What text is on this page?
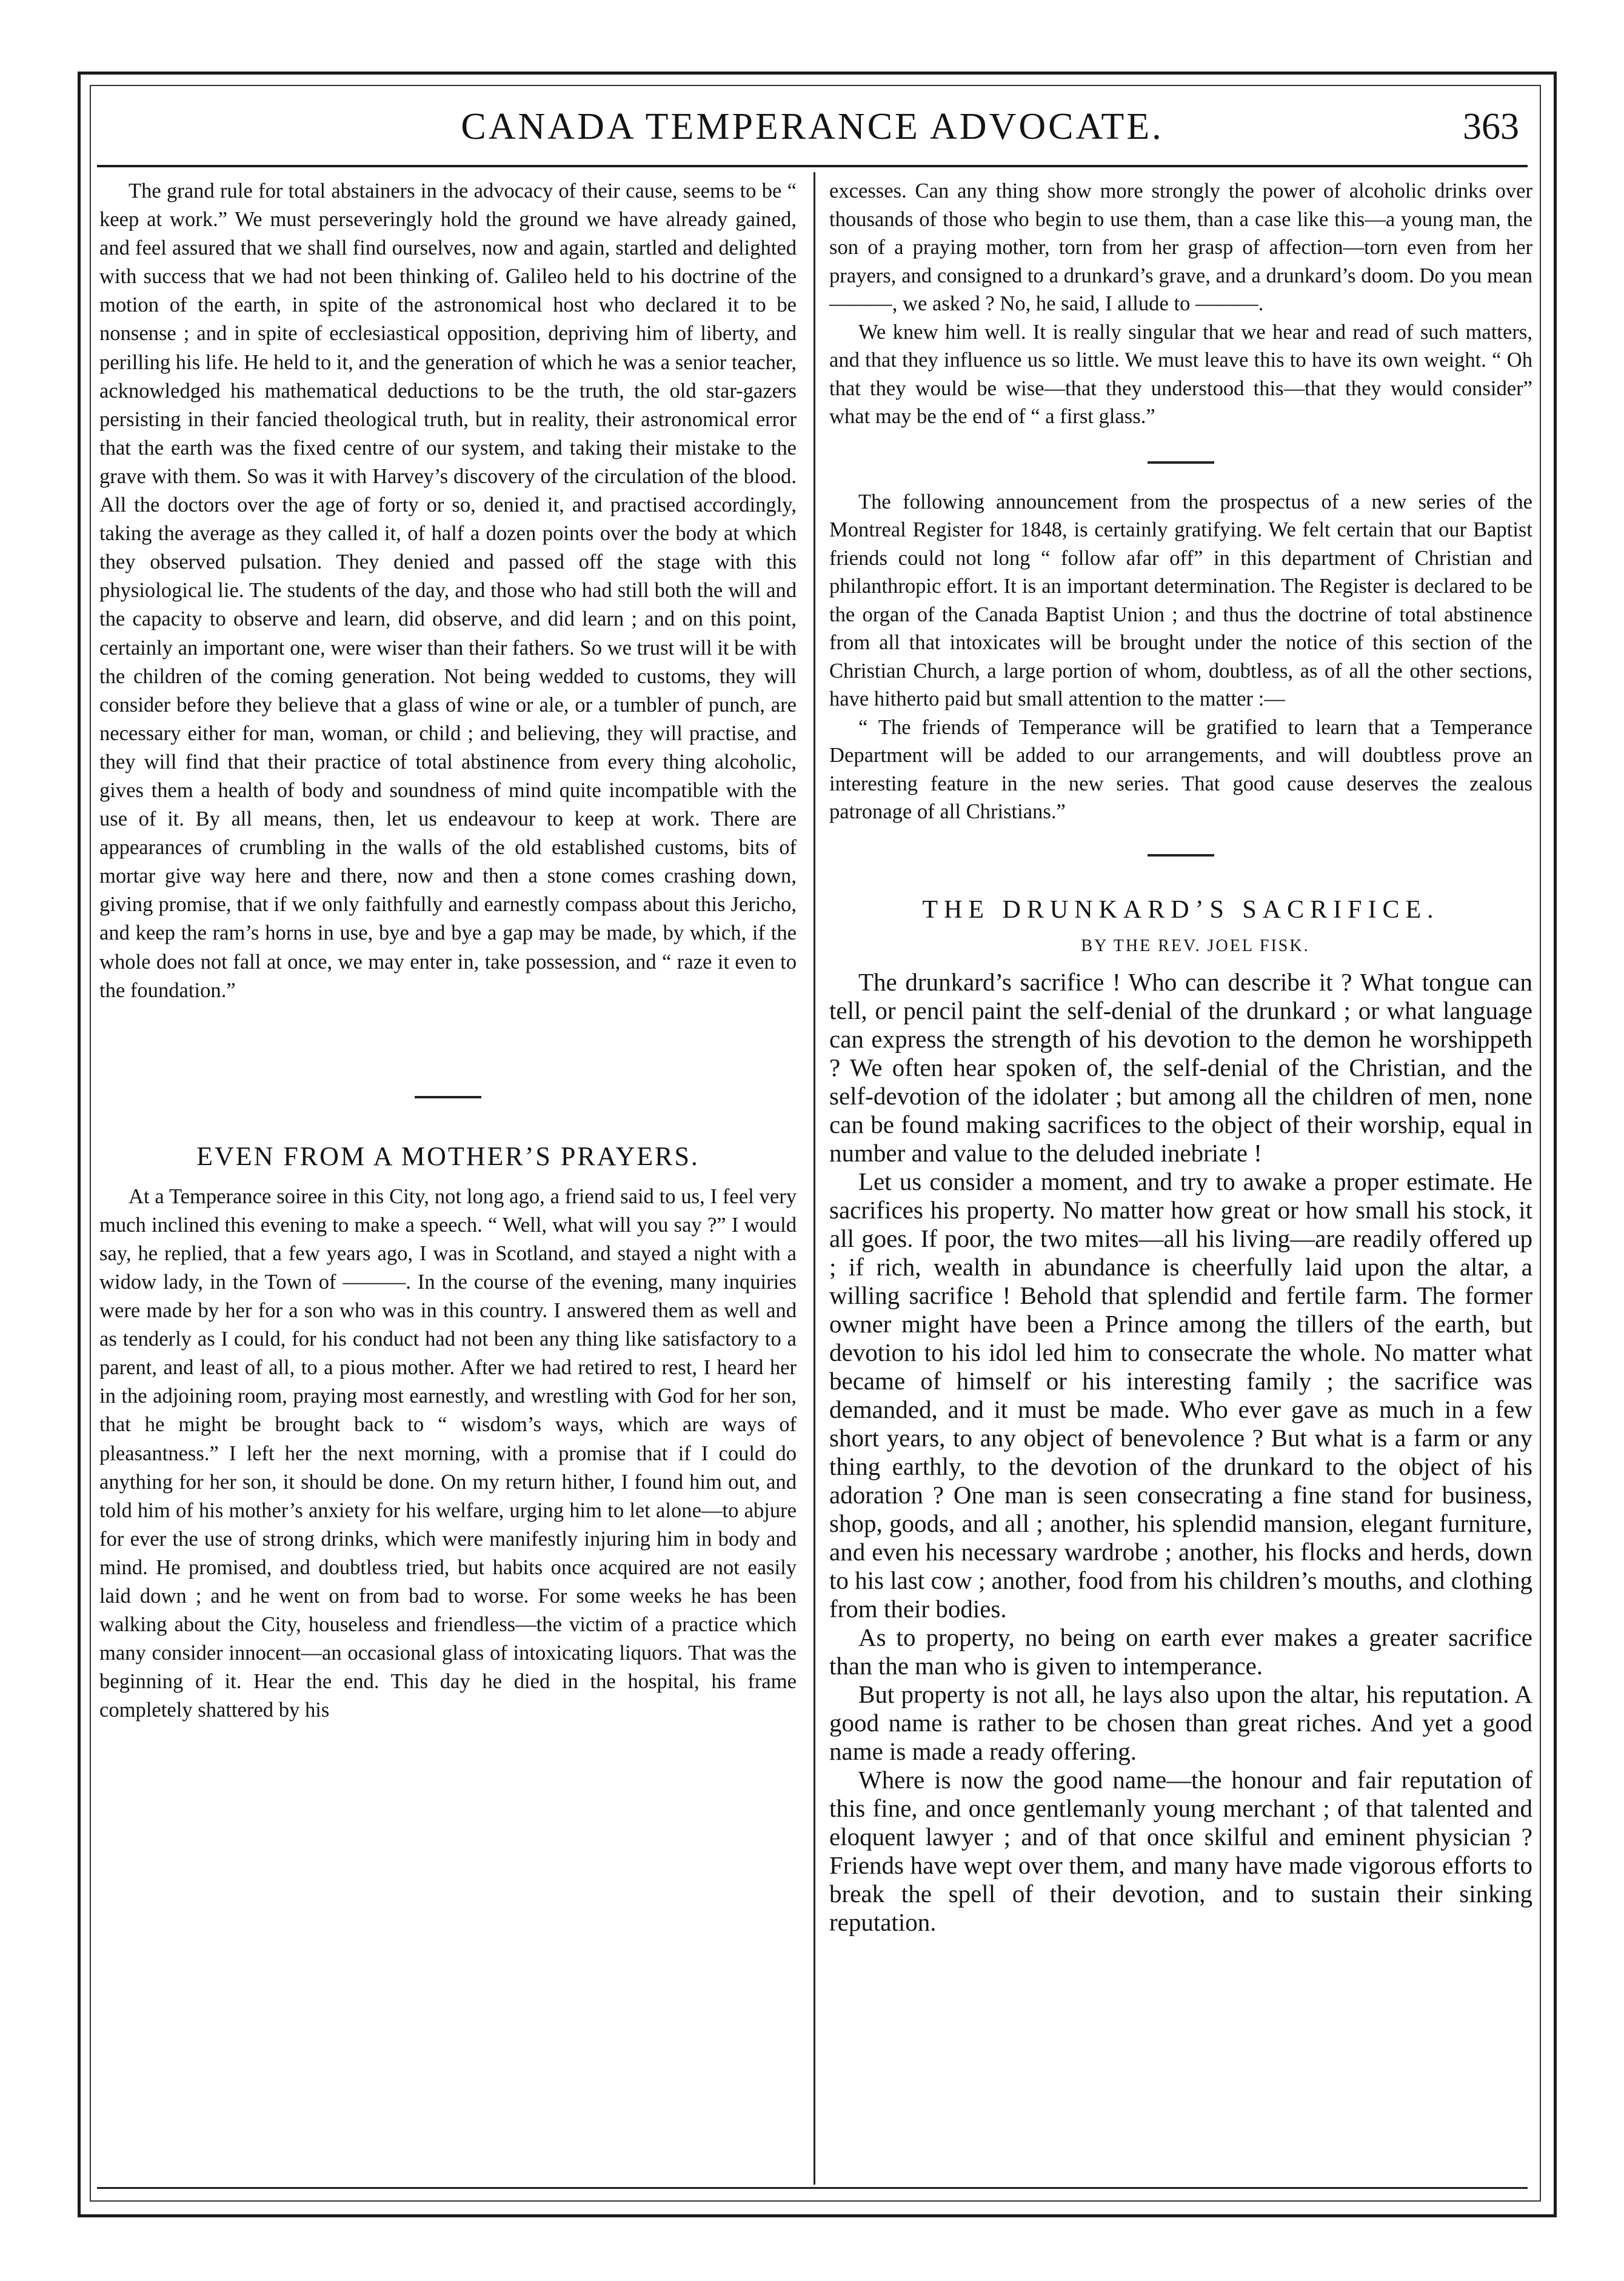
CANADA TEMPERANCE ADVOCATE.	363

The grand rule for total abstainers in the advocacy of their cause, seems to be “ keep at work.” We must perseveringly hold the ground we have already gained, and feel assured that we shall find ourselves, now and again, startled and delighted with success that we had not been thinking of. Galileo held to his doctrine of the motion of the earth, in spite of the astronomical host who declared it to be nonsense ; and in spite of ecclesiastical opposition, depriving him of liberty, and perilling his life. He held to it, and the generation of which he was a senior teacher, acknowledged his mathematical deductions to be the truth, the old star-gazers persisting in their fancied theological truth, but in reality, their astronomical error that the earth was the fixed centre of our system, and taking their mistake to the grave with them. So was it with Harvey’s discovery of the circulation of the blood. All the doctors over the age of forty or so, denied it, and practised accordingly, taking the average as they called it, of half a dozen points over the body at which they observed pulsation. They denied and passed off the stage with this physiological lie. The students of the day, and those who had still both the will and the capacity to observe and learn, did observe, and did learn ; and on this point, certainly an important one, were wiser than their fathers. So we trust will it be with the children of the coming generation. Not being wedded to customs, they will consider before they believe that a glass of wine or ale, or a tumbler of punch, are necessary either for man, woman, or child ; and believing, they will practise, and they will find that their practice of total abstinence from every thing alcoholic, gives them a health of body and soundness of mind quite incompatible with the use of it. By all means, then, let us endeavour to keep at work. There are appearances of crumbling in the walls of the old established customs, bits of mortar give way here and there, now and then a stone comes crashing down, giving promise, that if we only faithfully and earnestly compass about this Jericho, and keep the ram’s horns in use, bye and bye a gap may be made, by which, if the whole does not fall at once, we may enter in, take possession, and “ raze it even to the foundation.”

EVEN FROM A MOTHER’S PRAYERS.

At a Temperance soiree in this City, not long ago, a friend said to us, I feel very much inclined this evening to make a speech. “ Well, what will you say ?” I would say, he replied, that a few years ago, I was in Scotland, and stayed a night with a widow lady, in the Town of ———. In the course of the evening, many inquiries were made by her for a son who was in this country. I answered them as well and as tenderly as I could, for his conduct had not been any thing like satisfactory to a parent, and least of all, to a pious mother. After we had retired to rest, I heard her in the adjoining room, praying most earnestly, and wrestling with God for her son, that he might be brought back to “ wisdom’s ways, which are ways of pleasantness.” I left her the next morning, with a promise that if I could do anything for her son, it should be done. On my return hither, I found him out, and told him of his mother’s anxiety for his welfare, urging him to let alone—to abjure for ever the use of strong drinks, which were manifestly injuring him in body and mind. He promised, and doubtless tried, but habits once acquired are not easily laid down ; and he went on from bad to worse. For some weeks he has been walking about the City, houseless and friendless—the victim of a practice which many consider innocent—an occasional glass of intoxicating liquors. That was the beginning of it. Hear the end. This day he died in the hospital, his frame completely shattered by his

excesses. Can any thing show more strongly the power of alcoholic drinks over thousands of those who begin to use them, than a case like this—a young man, the son of a praying mother, torn from her grasp of affection—torn even from her prayers, and consigned to a drunkard’s grave, and a drunkard’s doom. Do you mean ———, we asked ? No, he said, I allude to ———.

We knew him well. It is really singular that we hear and read of such matters, and that they influence us so little. We must leave this to have its own weight. “ Oh that they would be wise—that they understood this—that they would consider” what may be the end of “ a first glass.”

The following announcement from the prospectus of a new series of the Montreal Register for 1848, is certainly gratifying. We felt certain that our Baptist friends could not long “ follow afar off” in this department of Christian and philanthropic effort. It is an important determination. The Register is declared to be the organ of the Canada Baptist Union ; and thus the doctrine of total abstinence from all that intoxicates will be brought under the notice of this section of the Christian Church, a large portion of whom, doubtless, as of all the other sections, have hitherto paid but small attention to the matter :—

“ The friends of Temperance will be gratified to learn that a Temperance Department will be added to our arrangements, and will doubtless prove an interesting feature in the new series. That good cause deserves the zealous patronage of all Christians.”

THE DRUNKARD’S SACRIFICE.

BY THE REV. JOEL FISK.

The drunkard’s sacrifice ! Who can describe it ? What tongue can tell, or pencil paint the self-denial of the drunkard ; or what language can express the strength of his devotion to the demon he worshippeth ? We often hear spoken of, the self-denial of the Christian, and the self-devotion of the idolater ; but among all the children of men, none can be found making sacrifices to the object of their worship, equal in number and value to the deluded inebriate !

Let us consider a moment, and try to awake a proper estimate. He sacrifices his property. No matter how great or how small his stock, it all goes. If poor, the two mites—all his living—are readily offered up ; if rich, wealth in abundance is cheerfully laid upon the altar, a willing sacrifice ! Behold that splendid and fertile farm. The former owner might have been a Prince among the tillers of the earth, but devotion to his idol led him to consecrate the whole. No matter what became of himself or his interesting family ; the sacrifice was demanded, and it must be made. Who ever gave as much in a few short years, to any object of benevolence ? But what is a farm or any thing earthly, to the devotion of the drunkard to the object of his adoration ? One man is seen consecrating a fine stand for business, shop, goods, and all ; another, his splendid mansion, elegant furniture, and even his necessary wardrobe ; another, his flocks and herds, down to his last cow ; another, food from his children’s mouths, and clothing from their bodies.

As to property, no being on earth ever makes a greater sacrifice than the man who is given to intemperance.

But property is not all, he lays also upon the altar, his reputation. A good name is rather to be chosen than great riches. And yet a good name is made a ready offering.

Where is now the good name—the honour and fair reputation of this fine, and once gentlemanly young merchant ; of that talented and eloquent lawyer ; and of that once skilful and eminent physician ? Friends have wept over them, and many have made vigorous efforts to break the spell of their devotion, and to sustain their sinking reputation.
